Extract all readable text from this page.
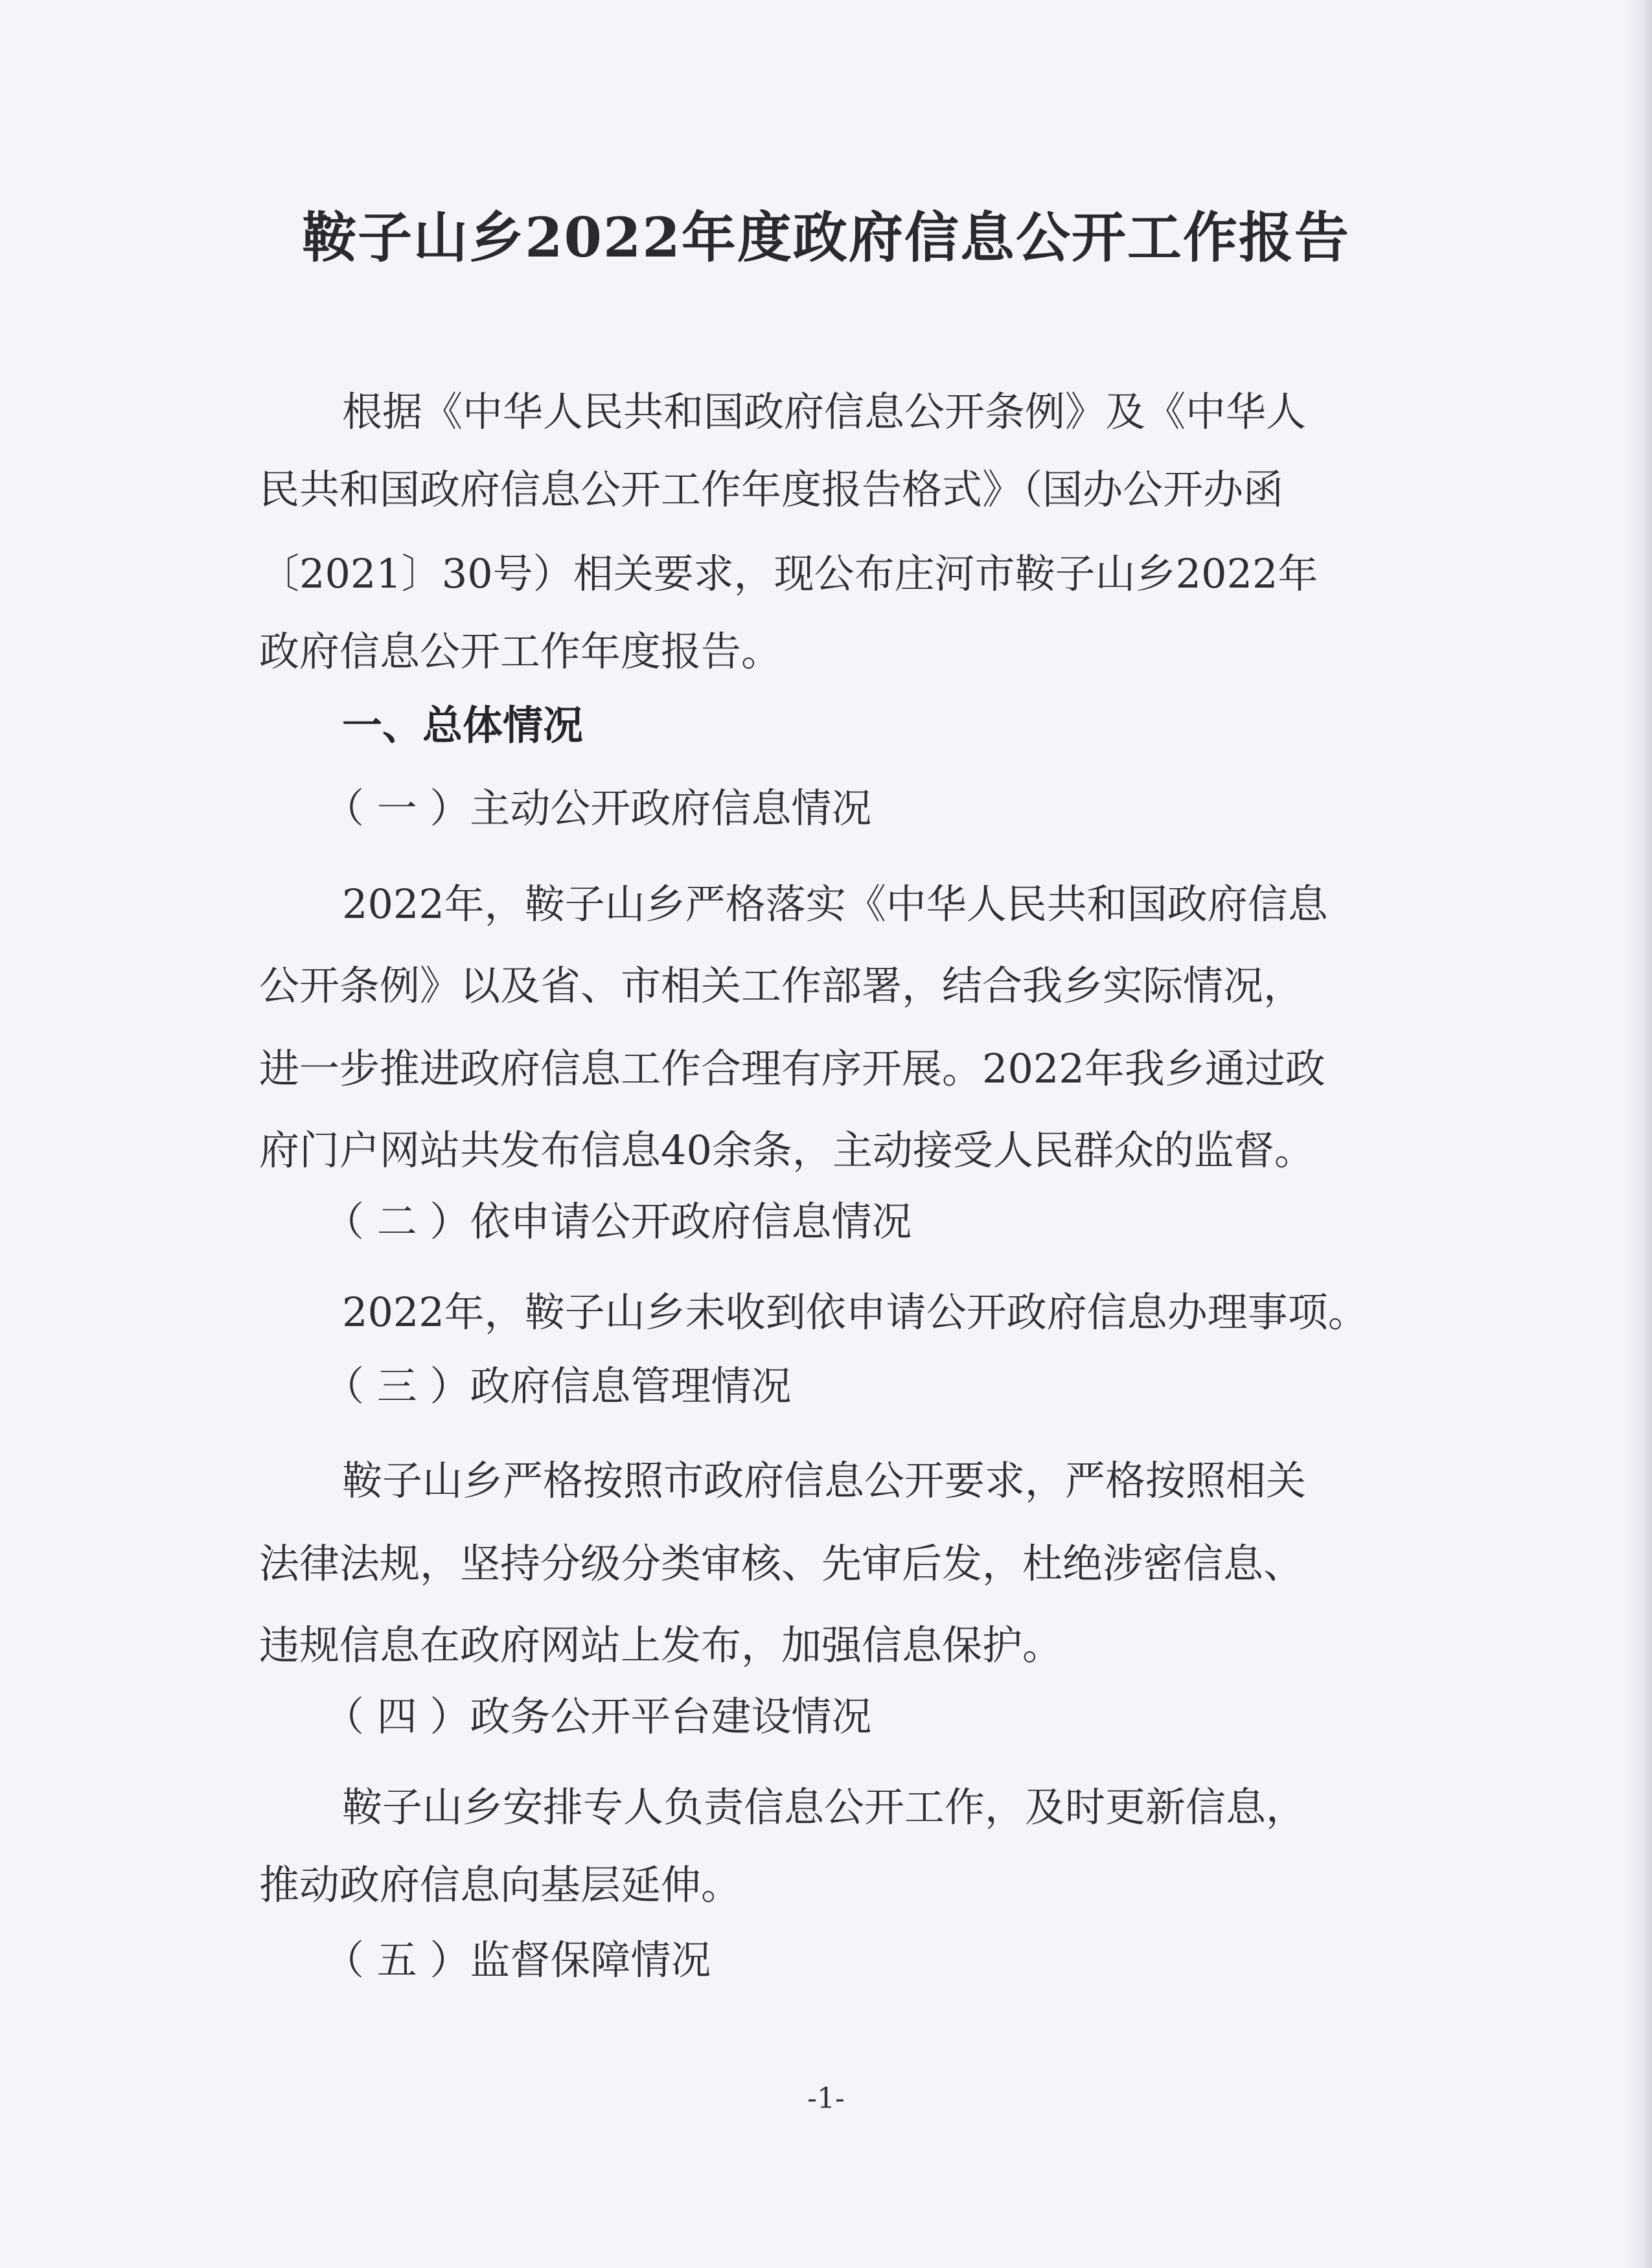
鞍子山乡2022年度政府信息公开工作报告

根据《中华人民共和国政府信息公开条例》及《中华人

民共和国政府信息公开工作年度报告格式》（国办公开办函

〔2021〕30号）相关要求，现公布庄河市鞍子山乡2022年

政府信息公开工作年度报告。

一、总体情况

（ 一 ）主动公开政府信息情况

2022年，鞍子山乡严格落实《中华人民共和国政府信息

公开条例》以及省、市相关工作部署，结合我乡实际情况，

进一步推进政府信息工作合理有序开展。2022年我乡通过政

府门户网站共发布信息40余条，主动接受人民群众的监督。

（ 二 ）依申请公开政府信息情况

2022年，鞍子山乡未收到依申请公开政府信息办理事项。

（ 三 ）政府信息管理情况

鞍子山乡严格按照市政府信息公开要求，严格按照相关

法律法规，坚持分级分类审核、先审后发，杜绝涉密信息、

违规信息在政府网站上发布，加强信息保护。

（ 四 ）政务公开平台建设情况

鞍子山乡安排专人负责信息公开工作，及时更新信息，

推动政府信息向基层延伸。

（ 五 ）监督保障情况

-1-
